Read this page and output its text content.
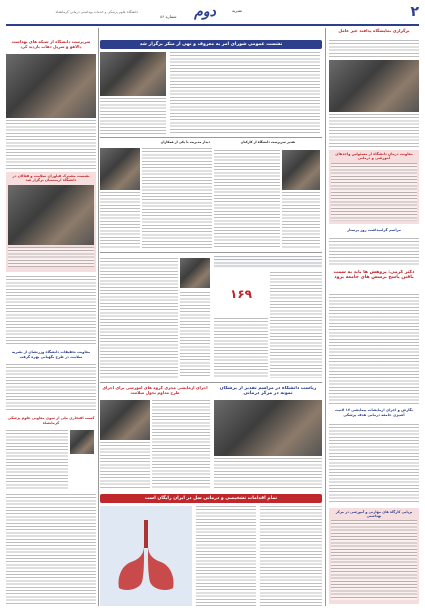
۲
دوم	نشریه
شماره ۸۶
دانشگاه علوم پزشکی و خدمات بهداشتی درمانی کرمانشاه
برگزاری نمایشگاه پدافند غیر عامل
معاونت درمان دانشگاه از مسئولین واحدهای آموزشی و درمانی
مراسم گرامیداشت روز پرستار
دکتر کرمی: پزوهش ها باید به سمت یافتن پاسخ برسش های جامعه برود
نگارش و اجرای آزمایشات پیمایشی ۱۷ لاتیت آشپزی جامعه درمانی هدف پزشکی
برپایی کارگاه های مهارتی و آموزشی در مرکز بهداشتی
نشست عمومی شورای امر به معروف و نهی از منکر برگزار شد
سرپرست دانشگاه از شبکه های بهداشت دالاهو و سرپل ذهاب بازدید کرد
نشست مشترک فناوران سلامت و فعالان در دانشگاه ارمنستان برگزار شد
معاونت تحقیقات دانشگاه وزرتشان از نشریه سلامت در طرح نگهبانی بهره گرفت
کسب افتخاری ملی از سوی معاونی علوم پزشکی کرمانشاه
دیدار مدیریت با یکی از همکاران	تقدیر سرپرست دانشگاه از کارکنان
۱۶۹
ریاست دانشگاه در مراسم تقدیر از پزشکان نمونه در مرکز درمانی
اجرای آزمایشی مجزی گروه های آموزشی برای اجرای طرح مداوم تحول سلامت
تمام اقدامات تشخیصی و درمانی سل در ایران رایگان است
